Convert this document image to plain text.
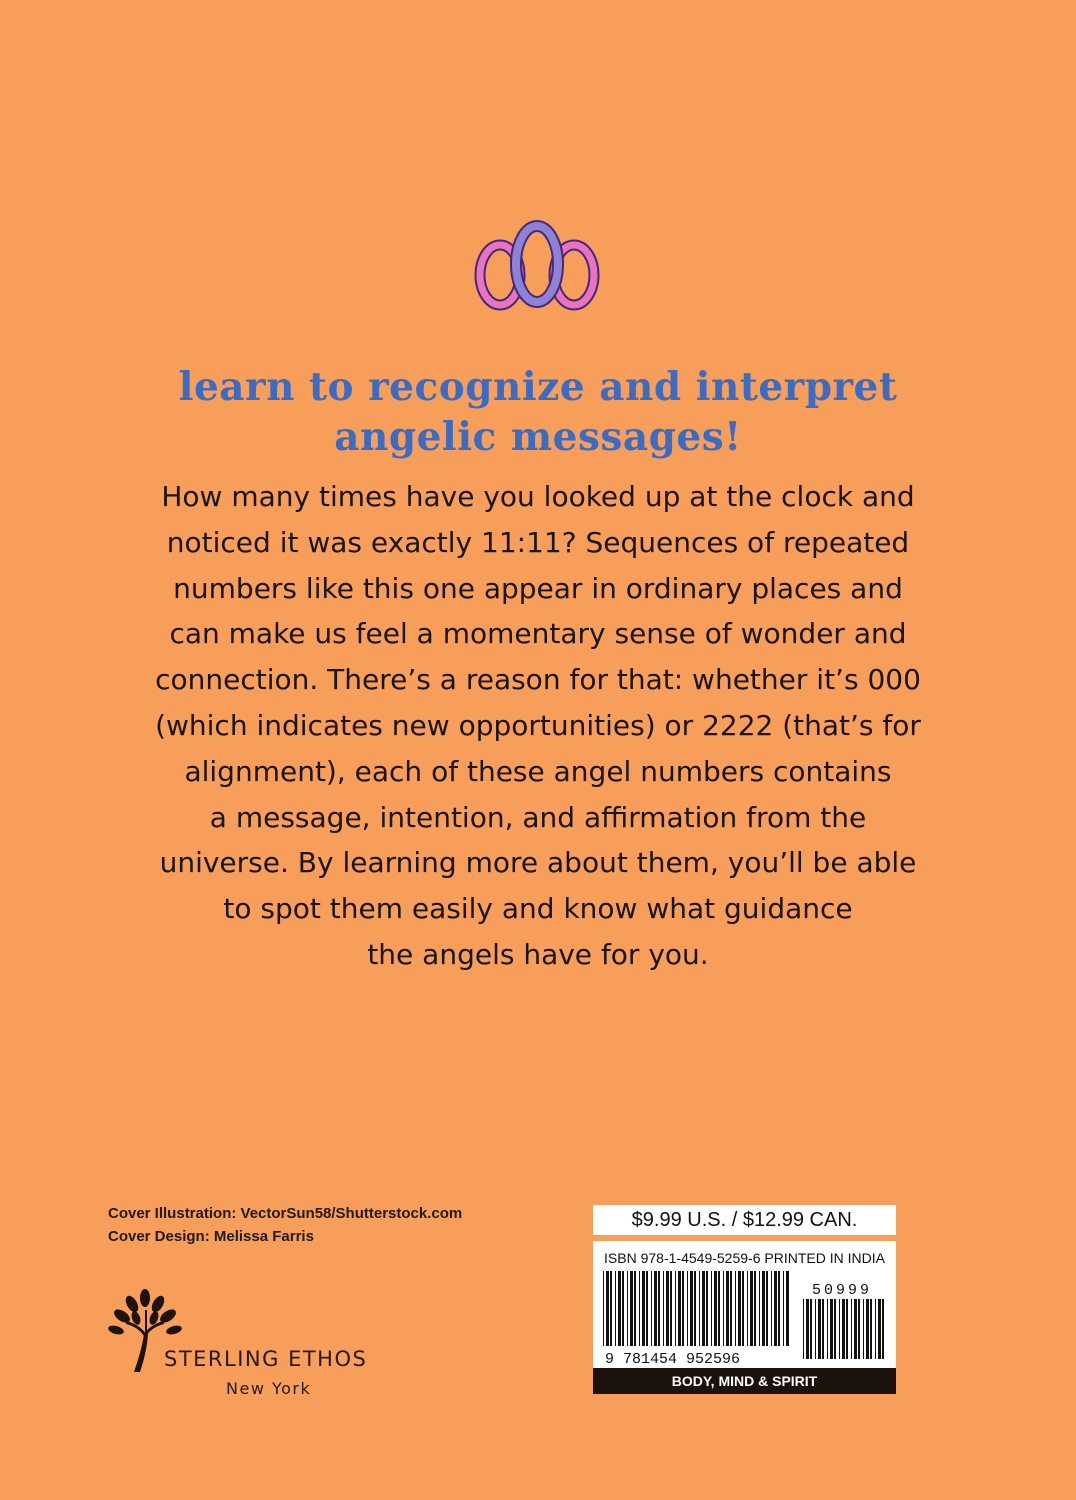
learn to recognize and interpret
angelic messages!
How many times have you looked up at the clock and
noticed it was exactly 11:11? Sequences of repeated
numbers like this one appear in ordinary places and
can make us feel a momentary sense of wonder and
connection. There’s a reason for that: whether it’s 000
(which indicates new opportunities) or 2222 (that’s for
alignment), each of these angel numbers contains
a message, intention, and affirmation from the
universe. By learning more about them, you’ll be able
to spot them easily and know what guidance
the angels have for you.
Cover Illustration: VectorSun58/Shutterstock.com
Cover Design: Melissa Farris
STERLING ETHOS
New York
$9.99 U.S. / $12.99 CAN.
ISBN 978-1-4549-5259-6 PRINTED IN INDIA
9 781454 952596
50999
BODY, MIND & SPIRIT
